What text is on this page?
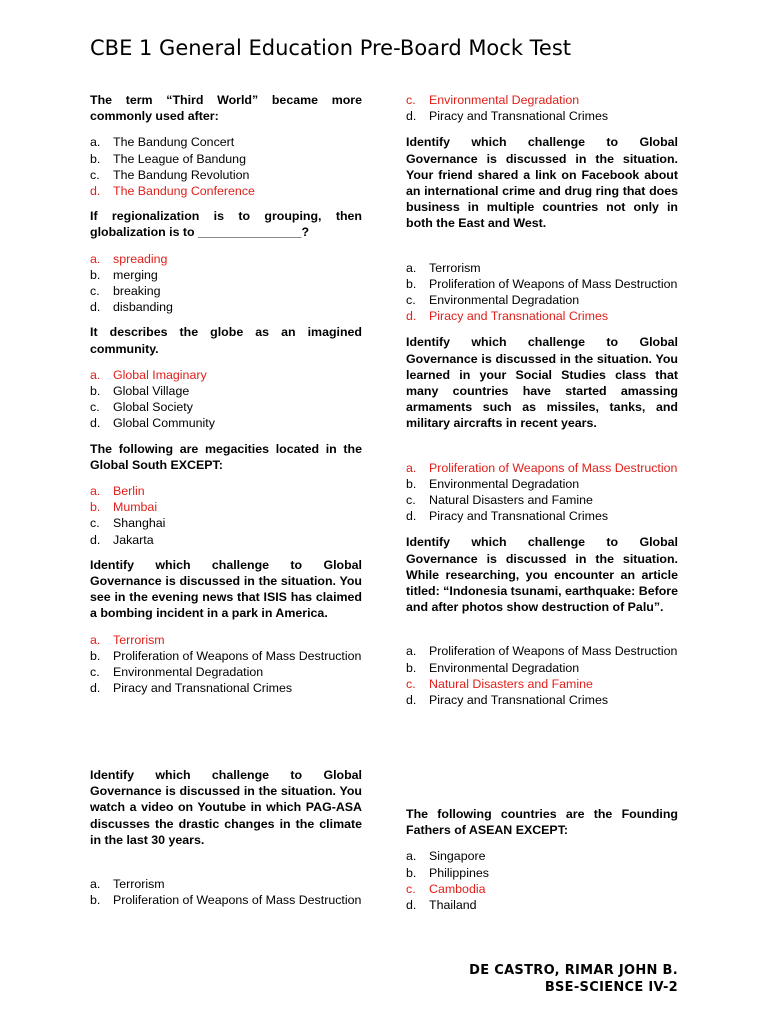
CBE 1 General Education Pre-Board Mock Test
The term “Third World” became more commonly used after:
a. The Bandung Concert
b. The League of Bandung
c. The Bandung Revolution
d. The Bandung Conference
If regionalization is to grouping, then globalization is to _______________?
a. spreading
b. merging
c. breaking
d. disbanding
It describes the globe as an imagined community.
a. Global Imaginary
b. Global Village
c. Global Society
d. Global Community
The following are megacities located in the Global South EXCEPT:
a. Berlin
b. Mumbai
c. Shanghai
d. Jakarta
Identify which challenge to Global Governance is discussed in the situation. You see in the evening news that ISIS has claimed a bombing incident in a park in America.
a. Terrorism
b. Proliferation of Weapons of Mass Destruction
c. Environmental Degradation
d. Piracy and Transnational Crimes
Identify which challenge to Global Governance is discussed in the situation. You watch a video on Youtube in which PAG-ASA discusses the drastic changes in the climate in the last 30 years.
a. Terrorism
b. Proliferation of Weapons of Mass Destruction
c. Environmental Degradation
d. Piracy and Transnational Crimes
Identify which challenge to Global Governance is discussed in the situation. Your friend shared a link on Facebook about an international crime and drug ring that does business in multiple countries not only in both the East and West.
a. Terrorism
b. Proliferation of Weapons of Mass Destruction
c. Environmental Degradation
d. Piracy and Transnational Crimes
Identify which challenge to Global Governance is discussed in the situation. You learned in your Social Studies class that many countries have started amassing armaments such as missiles, tanks, and military aircrafts in recent years.
a. Proliferation of Weapons of Mass Destruction
b. Environmental Degradation
c. Natural Disasters and Famine
d. Piracy and Transnational Crimes
Identify which challenge to Global Governance is discussed in the situation. While researching, you encounter an article titled: “Indonesia tsunami, earthquake: Before and after photos show destruction of Palu”.
a. Proliferation of Weapons of Mass Destruction
b. Environmental Degradation
c. Natural Disasters and Famine
d. Piracy and Transnational Crimes
The following countries are the Founding Fathers of ASEAN EXCEPT:
a. Singapore
b. Philippines
c. Cambodia
d. Thailand
DE CASTRO, RIMAR JOHN B.
BSE-SCIENCE IV-2
